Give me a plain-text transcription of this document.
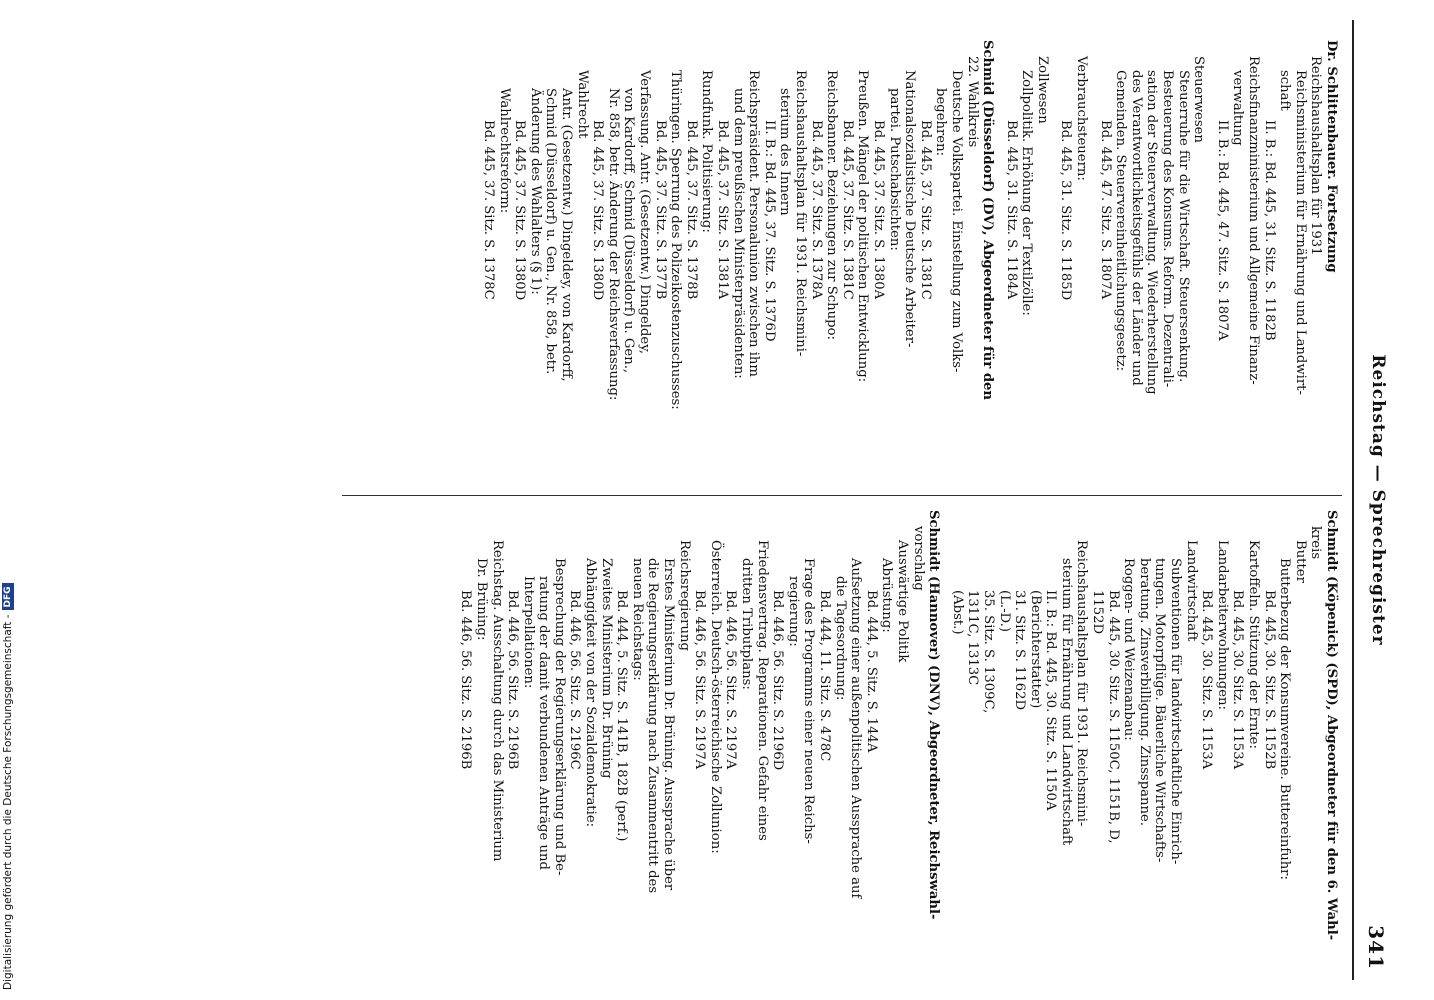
Reichstag — Sprechregister
341
Dr. Schlittenbauer. Fortsetzung
Reichshaushaltsplan für 1931
Reichsministerium für Ernährung und Landwirt-
schaft
II. B.: Bd. 445, 31. Sitz. S. 1182B
Reichsfinanzministerium und Allgemeine Finanz-
verwaltung
II. B.: Bd. 445, 47. Sitz. S. 1807A
Steuerwesen
Steuerruhe für die Wirtschaft. Steuersenkung.
Besteuerung des Konsums. Reform. Dezentrali-
sation der Steuerverwaltung. Wiederherstellung
des Verantwortlichkeitsgefühls der Länder und
Gemeinden. Steuervereinheitlichungsgesetz:
Bd. 445, 47. Sitz. S. 1807A
Verbrauchsteuern:
Bd. 445, 31. Sitz. S. 1185D
Zollwesen
Zollpolitik. Erhöhung der Textilzölle:
Bd. 445, 31. Sitz. S. 1184A
Schmid (Düsseldorf) (DV), Abgeordneter für den
22. Wahlkreis
Deutsche Volkspartei. Einstellung zum Volks-
begehren:
Bd. 445, 37. Sitz. S. 1381C
Nationalsozialistische Deutsche Arbeiter-
partei. Putschabsichten:
Bd. 445, 37. Sitz. S. 1380A
Preußen. Mängel der politischen Entwicklung:
Bd. 445, 37. Sitz. S. 1381C
Reichsbanner. Beziehungen zur Schupo:
Bd. 445, 37. Sitz. S. 1378A
Reichshaushaltsplan für 1931. Reichsmini-
sterium des Innern
II. B.: Bd. 445, 37. Sitz. S. 1376D
Reichspräsident. Personalunion zwischen ihm
und dem preußischen Ministerpräsidenten:
Bd. 445, 37. Sitz. S. 1381A
Rundfunk. Politisierung:
Bd. 445, 37. Sitz. S. 1378B
Thüringen. Sperrung des Polizeikostenzuschusses:
Bd. 445, 37. Sitz. S. 1377B
Verfassung. Antr. (Gesetzentw.) Dingeldey,
von Kardorff, Schmid (Düsseldorf) u. Gen.,
Nr. 858, betr. Änderung der Reichsverfassung:
Bd. 445, 37. Sitz. S. 1380D
Wahlrecht
Antr. (Gesetzentw.) Dingeldey, von Kardorff,
Schmid (Düsseldorf) u. Gen., Nr. 858, betr.
Änderung des Wahlalters (§ 1):
Bd. 445, 37. Sitz. S. 1380D
Wahlrechtsreform:
Bd. 445, 37. Sitz. S. 1378C
Schmidt (Köpenick) (SPD), Abgeordneter für den 6. Wahl-
kreis
Butter
Butterbezug der Konsumvereine. Buttereinfuhr:
Bd. 445, 30. Sitz. S. 1152B
Kartoffeln. Stützung der Ernte:
Bd. 445, 30. Sitz. S. 1153A
Landarbeiterwohnungen:
Bd. 445, 30. Sitz. S. 1153A
Landwirtschaft
Subventionen für landwirtschaftliche Einrich-
tungen. Motorpflüge. Bäuerliche Wirtschafts-
beratung. Zinsverbilligung. Zinsspanne.
Roggen- und Weizenanbau:
Bd. 445, 30. Sitz. S. 1150C, 1151B, D,
1152D
Reichshaushaltsplan für 1931. Reichsmini-
sterium für Ernährung und Landwirtschaft
II. B.: Bd. 445, 30. Sitz. S. 1150A
(Berichterstatter)
31. Sitz. S. 1162D
(L.-D.)
35. Sitz. S. 1309C,
1311C, 1313C
(Abst.)
Schmidt (Hannover) (DNV), Abgeordneter, Reichswahl-
vorschlag
Auswärtige Politik
Abrüstung:
Bd. 444, 5. Sitz. S. 144A
Aufsetzung einer außenpolitischen Aussprache auf
die Tagesordnung:
Bd. 444, 11. Sitz. S. 478C
Frage des Programms einer neuen Reichs-
regierung:
Bd. 446, 56. Sitz. S. 2196D
Friedensvertrag. Reparationen. Gefahr eines
dritten Tributplans:
Bd. 446, 56. Sitz. S. 2197A
Österreich. Deutsch-österreichische Zollunion:
Bd. 446, 56. Sitz. S. 2197A
Reichsregierung
Erstes Ministerium Dr. Brüning. Aussprache über
die Regierungserklärung nach Zusammentritt des
neuen Reichstags:
Bd. 444, 5. Sitz. S. 141B, 182B (perf.)
Zweites Ministerium Dr. Brüning
Abhängigkeit von der Sozialdemokratie:
Bd. 446, 56. Sitz. S. 2196C
Besprechung der Regierungserklärung und Be-
ratung der damit verbundenen Anträge und
Interpellationen:
Bd. 446, 56. Sitz. S. 2196B
Reichstag. Ausschaltung durch das Ministerium
Dr. Brüning:
Bd. 446, 56. Sitz. S. 2196B
Digitalisierung gefördert durch die Deutsche Forschungsgemeinschaft -DFG
